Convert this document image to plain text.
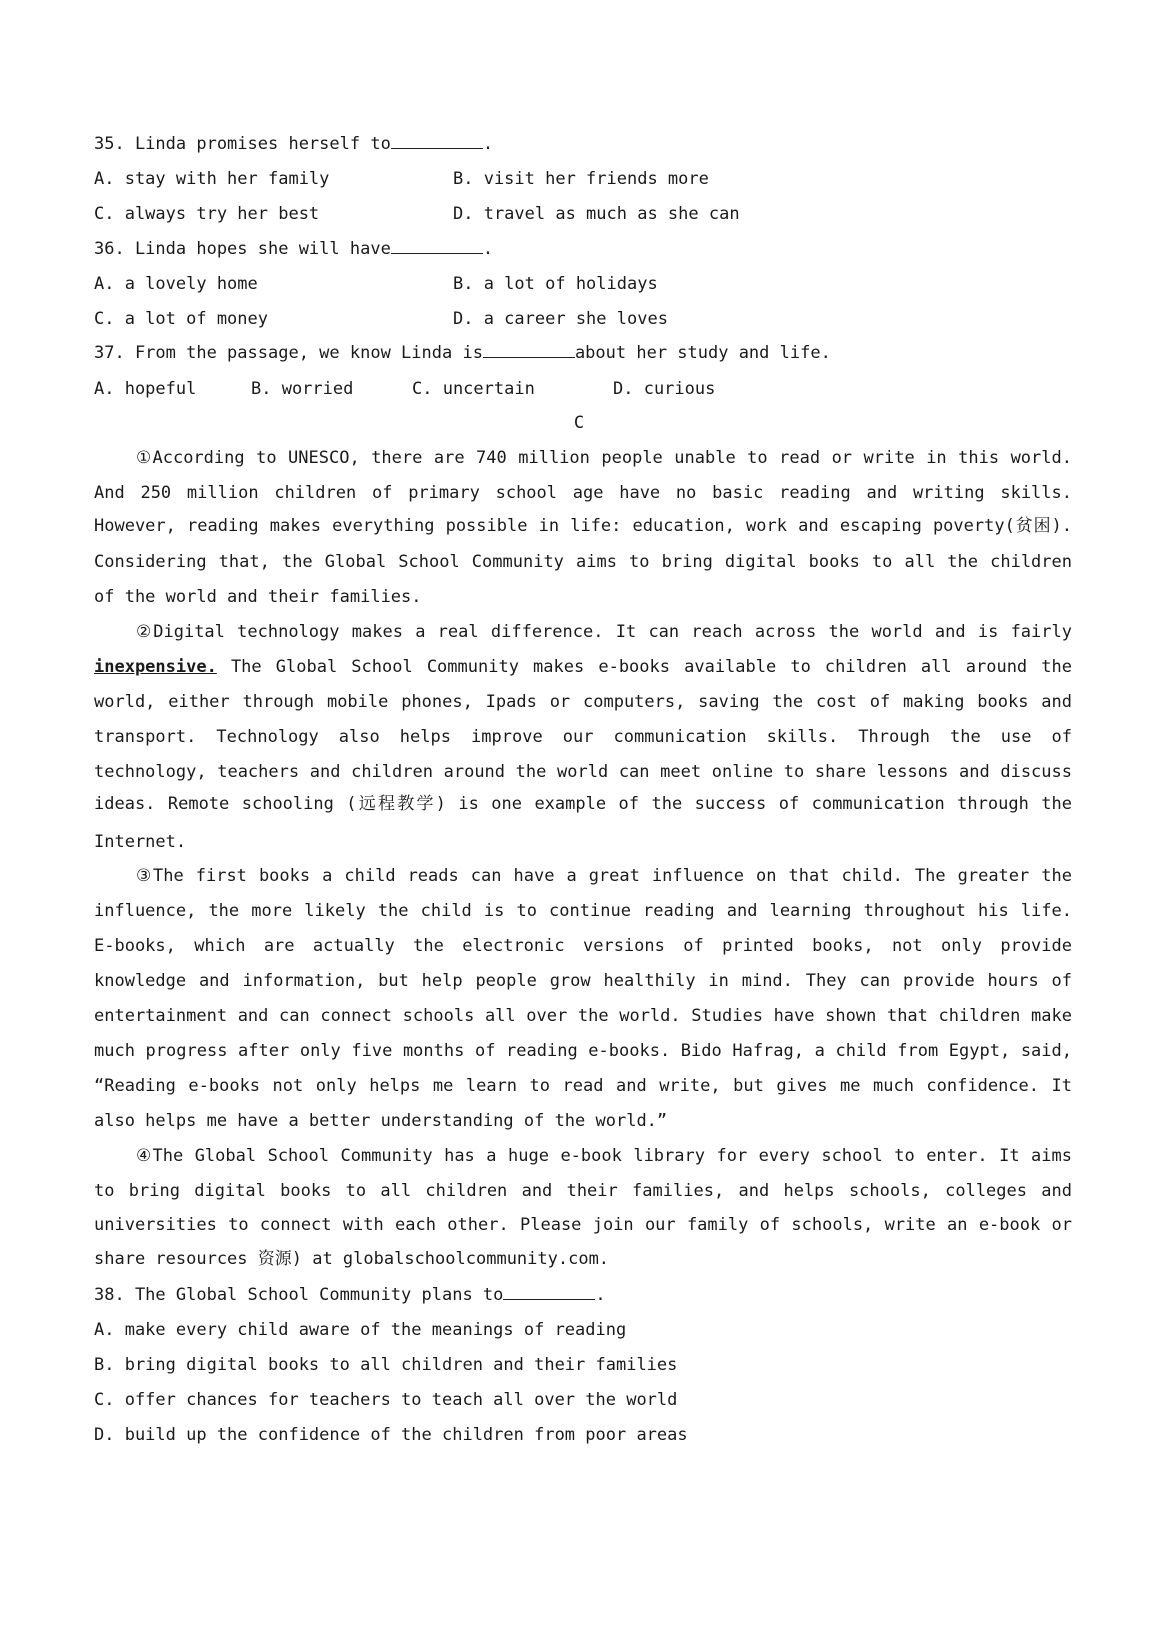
35. Linda promises herself to	.
A. stay with her family	B. visit her friends more
C. always try her best	D. travel as much as she can
36. Linda hopes she will have	.
A. a lovely home	B. a lot of holidays
C. a lot of money	D. a career she loves
37. From the passage, we know Linda is	about her study and life.
A. hopeful	B. worried	C. uncertain	D. curious
C
①According to UNESCO, there are 740 million people unable to read or write in this world.
And 250 million children of primary school age have no basic reading and writing skills.
However, reading makes everything possible in life: education, work and escaping poverty(贫困).
Considering that, the Global School Community aims to bring digital books to all the children
of the world and their families.
②Digital technology makes a real difference. It can reach across the world and is fairly
inexpensive. The Global School Community makes e-books available to children all around the
world, either through mobile phones, Ipads or computers, saving the cost of making books and
transport. Technology also helps improve our communication skills. Through the use of
technology, teachers and children around the world can meet online to share lessons and discuss
ideas. Remote schooling (远程教学) is one example of the success of communication through the
Internet.
③The first books a child reads can have a great influence on that child. The greater the
influence, the more likely the child is to continue reading and learning throughout his life.
E-books, which are actually the electronic versions of printed books, not only provide
knowledge and information, but help people grow healthily in mind. They can provide hours of
entertainment and can connect schools all over the world. Studies have shown that children make
much progress after only five months of reading e-books. Bido Hafrag, a child from Egypt, said,
“Reading e-books not only helps me learn to read and write, but gives me much confidence. It
also helps me have a better understanding of the world.”
④The Global School Community has a huge e-book library for every school to enter. It aims
to bring digital books to all children and their families, and helps schools, colleges and
universities to connect with each other. Please join our family of schools, write an e-book or
share resources 资源) at globalschoolcommunity.com.
38. The Global School Community plans to	.
A. make every child aware of the meanings of reading
B. bring digital books to all children and their families
C. offer chances for teachers to teach all over the world
D. build up the confidence of the children from poor areas
